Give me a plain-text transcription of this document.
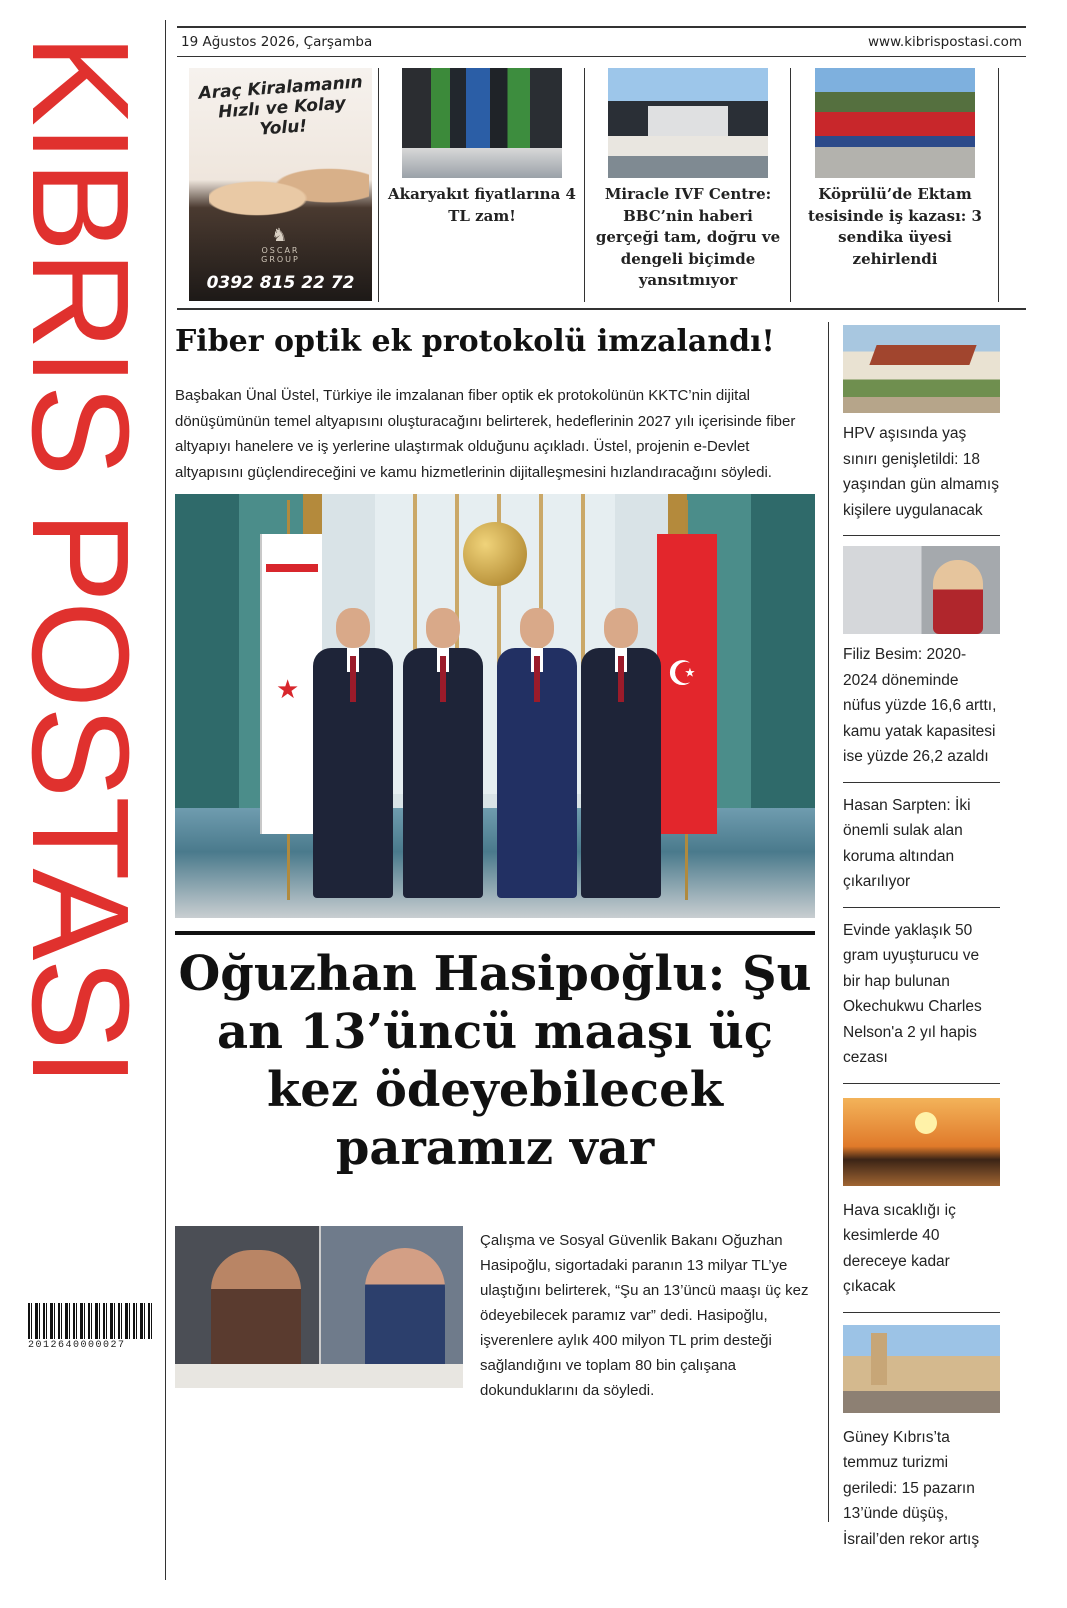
KIBRIS POSTASI
2012640000027
19 Ağustos 2026, Çarşamba	www.kibrispostasi.com
Araç Kiralamanın Hızlı ve Kolay Yolu!
♞
OSCAR
GROUP
0392 815 22 72
Akaryakıt fiyatlarına 4 TL zam!
Miracle IVF Centre: BBC’nin haberi gerçeği tam, doğru ve dengeli biçimde yansıtmıyor
Köprülü’de Ektam tesisinde iş kazası: 3 sendika üyesi zehirlendi
Fiber optik ek protokolü imzalandı!
Başbakan Ünal Üstel, Türkiye ile imzalanan fiber optik ek protokolünün KKTC’nin dijital dönüşümünün temel altyapısını oluşturacağını belirterek, hedeflerinin 2027 yılı içerisinde fiber altyapıyı hanelere ve iş yerlerine ulaştırmak olduğunu açıkladı. Üstel, projenin e-Devlet altyapısını güçlendireceğini ve kamu hizmetlerinin dijitalleşmesini hızlandıracağını söyledi.
★
☪
Oğuzhan Hasipoğlu: Şu an 13’üncü maaşı üç kez ödeyebilecek paramız var
Çalışma ve Sosyal Güvenlik Bakanı Oğuzhan Hasipoğlu, sigortadaki paranın 13 milyar TL’ye ulaştığını belirterek, “Şu an 13’üncü maaşı üç kez ödeyebilecek paramız var” dedi. Hasipoğlu, işverenlere aylık 400 milyon TL prim desteği sağlandığını ve toplam 80 bin çalışana dokunduklarını da söyledi.
HPV aşısında yaş sınırı genişletildi: 18 yaşından gün almamış kişilere uygulanacak
Filiz Besim: 2020-2024 döneminde nüfus yüzde 16,6 arttı, kamu yatak kapasitesi ise yüzde 26,2 azaldı
Hasan Sarpten: İki önemli sulak alan koruma altından çıkarılıyor
Evinde yaklaşık 50 gram uyuşturucu ve bir hap bulunan Okechukwu Charles Nelson'a 2 yıl hapis cezası
Hava sıcaklığı iç kesimlerde 40 dereceye kadar çıkacak
Güney Kıbrıs’ta temmuz turizmi geriledi: 15 pazarın 13’ünde düşüş, İsrail’den rekor artış
